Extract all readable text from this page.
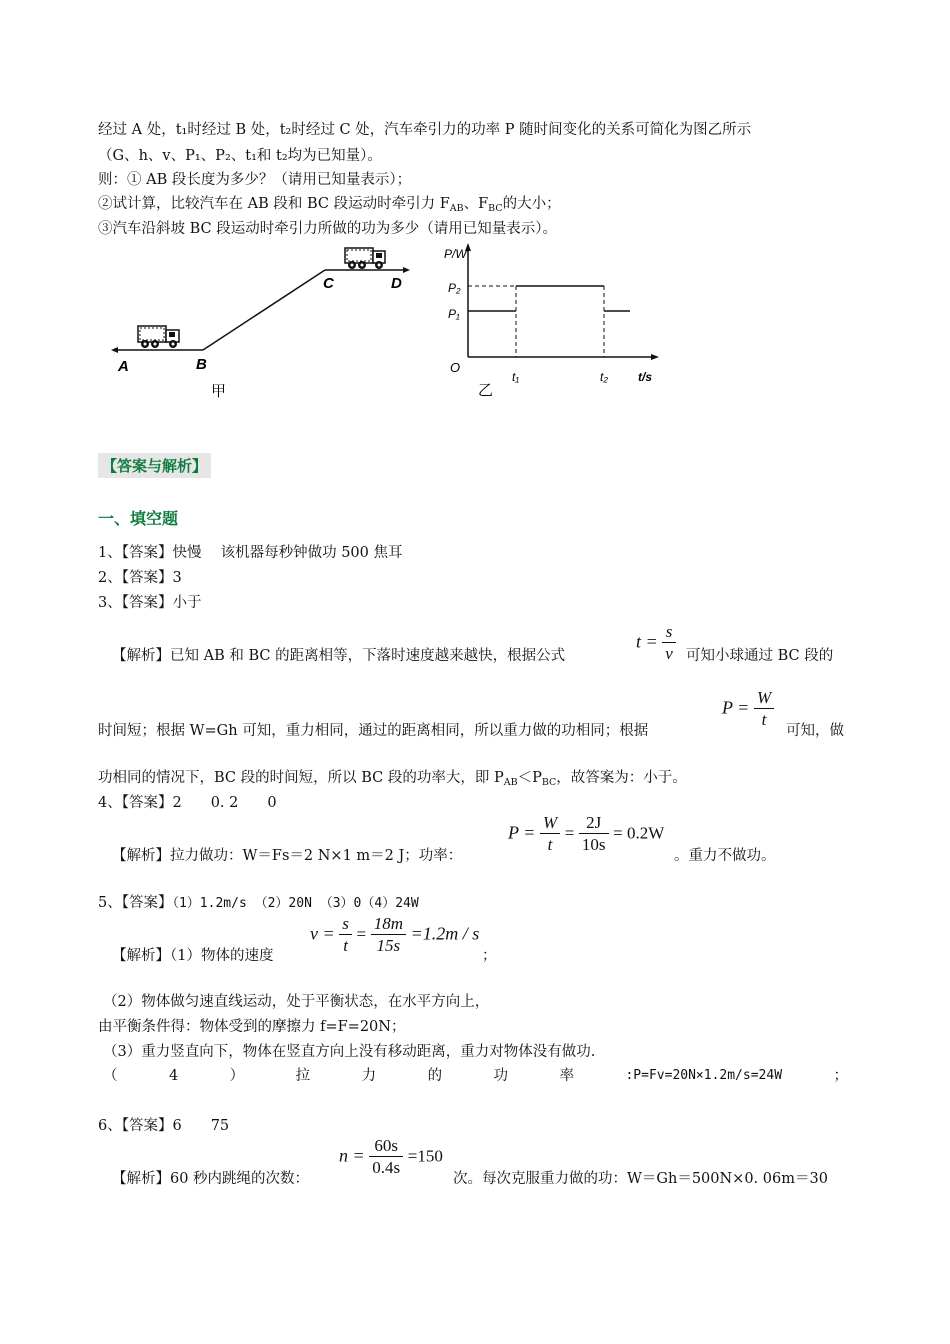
经过 A 处，t₁时经过 B 处，t₂时经过 C 处，汽车牵引力的功率 P 随时间变化的关系可简化为图乙所示
（G、h、v、P₁、P₂、t₁和 t₂均为已知量）。
则：① AB 段长度为多少？（请用已知量表示）；
②试计算，比较汽车在 AB 段和 BC 段运动时牵引力 $F_{AB}$、$F_{BC}$的大小；
③汽车沿斜坡 BC 段运动时牵引力所做的功为多少（请用已知量表示）。
A	B
C	D
甲
P/W
P₂
P₁
O
t₁	t₂	t/s
乙
【答案与解析】
一、填空题
1、【答案】快慢　 该机器每秒钟做功 500 焦耳
2、【答案】3
3、【答案】小于
【解析】已知 AB 和 BC 的距离相等，下落时速度越来越快，根据公式
$t = \frac{s}{v}$ 可知小球通过 BC 段的
时间短；根据 W=Gh 可知，重力相同，通过的距离相同，所以重力做的功相同；根据
$P = \frac{W}{t}$ 可知，做
功相同的情况下，BC 段的时间短，所以 BC 段的功率大，即 $P_{AB}<P_{BC}$，故答案为：小于。
4、【答案】2　　0. 2　　0
【解析】拉力做功：W＝Fs＝2 N×1 m＝2 J；功率：
$P = \frac{W}{t} = \frac{2J}{10s} = 0.2W$
。重力不做功。
5、【答案】（1）1.2m/s （2）20N （3）0（4）24W
【解析】（1）物体的速度
$v = \frac{s}{t} = \frac{18m}{15s} =1.2m / s$
；
（2）物体做匀速直线运动，处于平衡状态，在水平方向上，
由平衡条件得：物体受到的摩擦力 f=F=20N；
（3）重力竖直向下，物体在竖直方向上没有移动距离，重力对物体没有做功.
（	4	）	拉	力	的	功	率	:P=Fv=20N×1.2m/s=24W	；
6、【答案】6　　75
【解析】60 秒内跳绳的次数：
$n = \frac{60s}{0.4s} =150$
次。每次克服重力做的功：W＝Gh＝500N×0. 06m＝30
